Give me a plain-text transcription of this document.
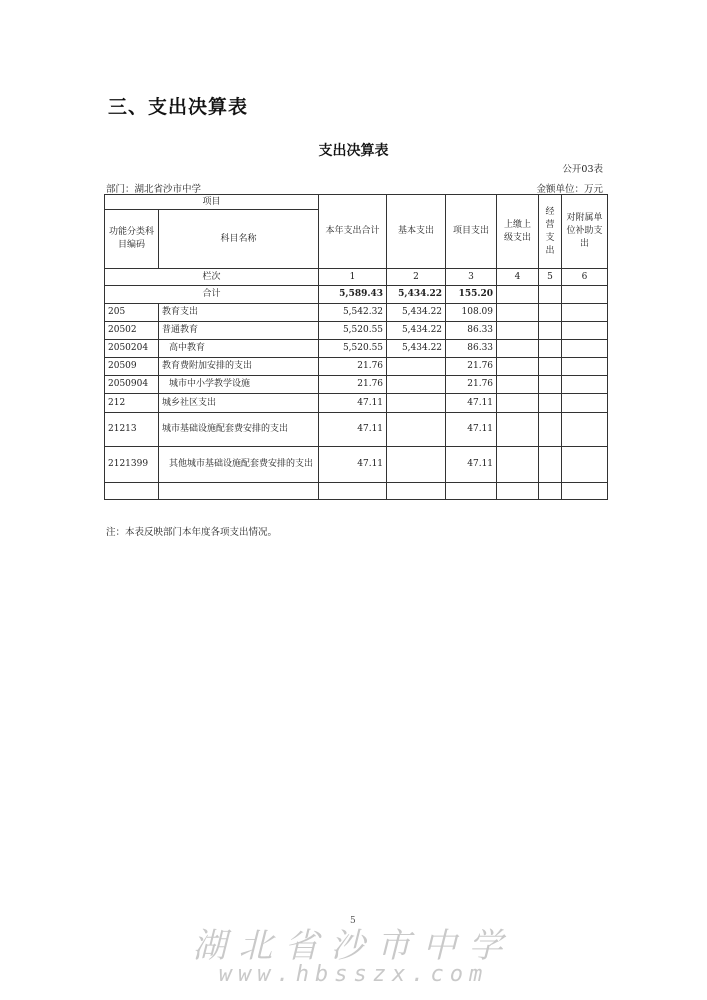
三、支出决算表
支出决算表
公开03表
部门：湖北省沙市中学	金额单位：万元
项目		本年支出合计	基本支出	项目支出	上缴上级支出	经营支出	对附属单位补助支出
功能分类科目编码	科目名称						
栏次		1	2	3	4	5	6
合计		5,589.43	5,434.22	155.20			
205	教育支出	5,542.32	5,434.22	108.09			
20502	普通教育	5,520.55	5,434.22	86.33			
2050204	高中教育	5,520.55	5,434.22	86.33			
20509	教育费附加安排的支出	21.76		21.76			
2050904	城市中小学教学设施	21.76		21.76			
212	城乡社区支出	47.11		47.11			
21213	城市基础设施配套费安排的支出	47.11		47.11			
2121399	其他城市基础设施配套费安排的支出	47.11		47.11			

注：本表反映部门本年度各项支出情况。
5
湖北省沙市中学
www.hbsszx.com
